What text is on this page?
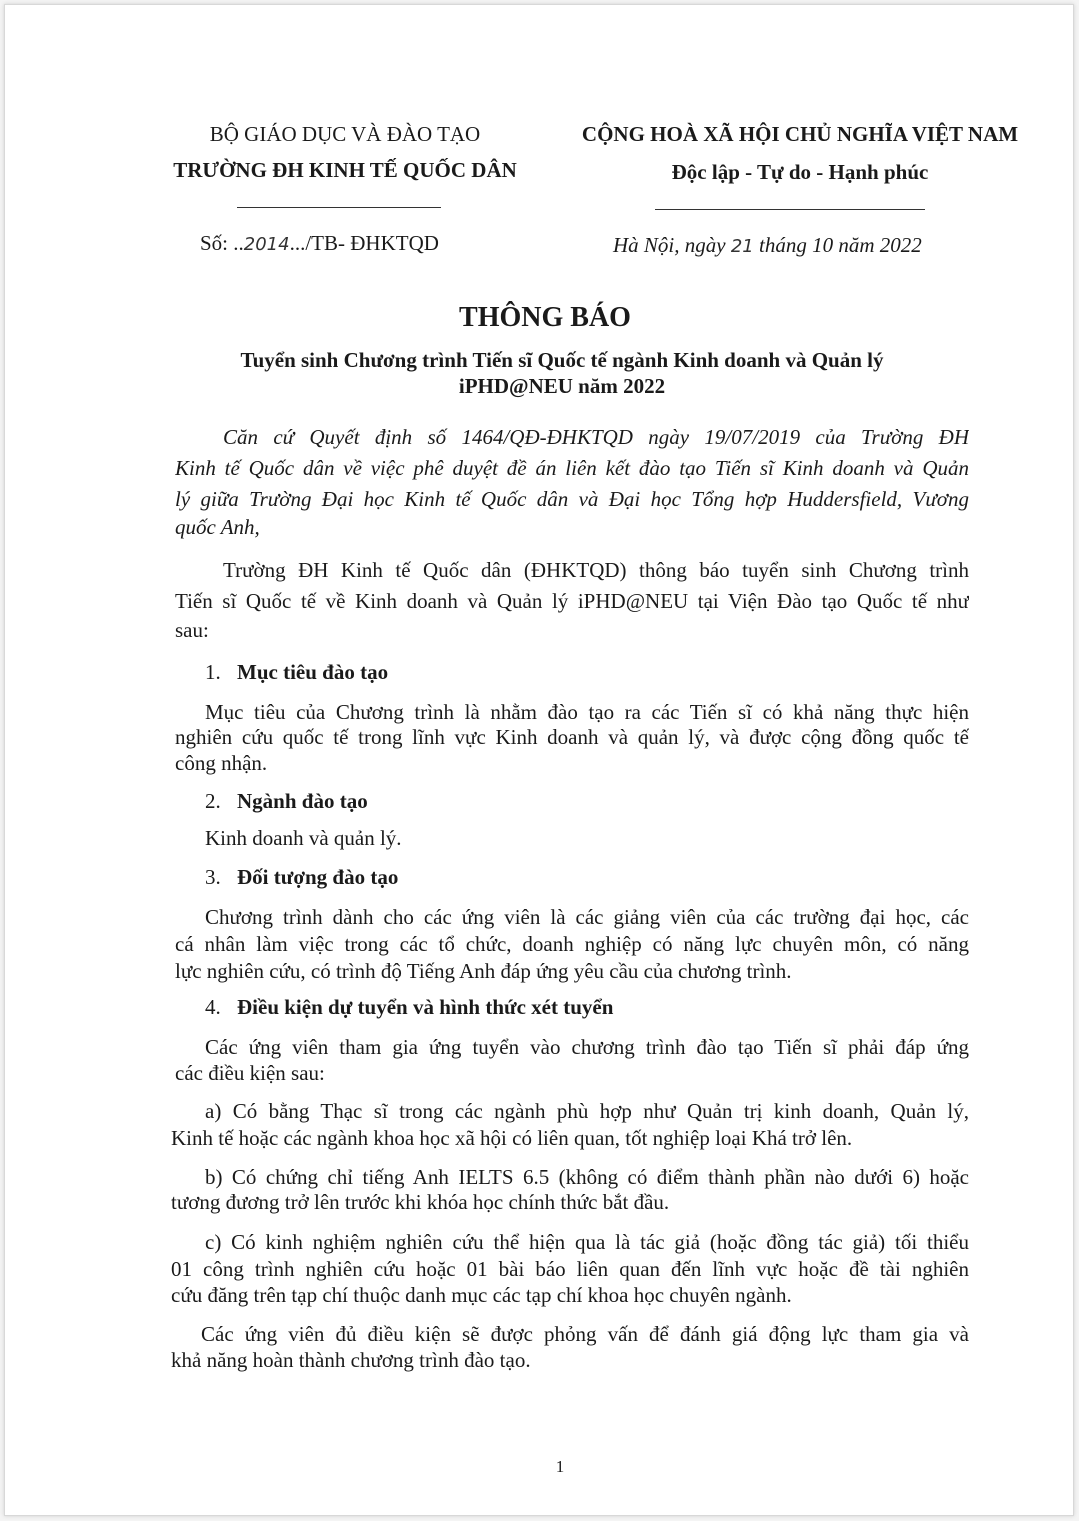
BỘ GIÁO DỤC VÀ ĐÀO TẠO
TRƯỜNG ĐH KINH TẾ QUỐC DÂN
CỘNG HOÀ XÃ HỘI CHỦ NGHĨA VIỆT NAM
Độc lập - Tự do - Hạnh phúc
Số: ..2014.../TB- ĐHKTQD	Hà Nội, ngày 21 tháng 10 năm 2022
THÔNG BÁO
Tuyển sinh Chương trình Tiến sĩ Quốc tế ngành Kinh doanh và Quản lý
iPHD@NEU năm 2022
Căn cứ Quyết định số 1464/QĐ-ĐHKTQD ngày 19/07/2019 của Trường ĐH
Kinh tế Quốc dân về việc phê duyệt đề án liên kết đào tạo Tiến sĩ Kinh doanh và Quản
lý giữa Trường Đại học Kinh tế Quốc dân và Đại học Tổng hợp Huddersfield, Vương
quốc Anh,
Trường ĐH Kinh tế Quốc dân (ĐHKTQD) thông báo tuyển sinh Chương trình
Tiến sĩ Quốc tế về Kinh doanh và Quản lý iPHD@NEU tại Viện Đào tạo Quốc tế như
sau:
1. Mục tiêu đào tạo
Mục tiêu của Chương trình là nhằm đào tạo ra các Tiến sĩ có khả năng thực hiện
nghiên cứu quốc tế trong lĩnh vực Kinh doanh và quản lý, và được cộng đồng quốc tế
công nhận.
2. Ngành đào tạo
Kinh doanh và quản lý.
3. Đối tượng đào tạo
Chương trình dành cho các ứng viên là các giảng viên của các trường đại học, các
cá nhân làm việc trong các tổ chức, doanh nghiệp có năng lực chuyên môn, có năng
lực nghiên cứu, có trình độ Tiếng Anh đáp ứng yêu cầu của chương trình.
4. Điều kiện dự tuyển và hình thức xét tuyển
Các ứng viên tham gia ứng tuyển vào chương trình đào tạo Tiến sĩ phải đáp ứng
các điều kiện sau:
a) Có bằng Thạc sĩ trong các ngành phù hợp như Quản trị kinh doanh, Quản lý,
Kinh tế hoặc các ngành khoa học xã hội có liên quan, tốt nghiệp loại Khá trở lên.
b) Có chứng chỉ tiếng Anh IELTS 6.5 (không có điểm thành phần nào dưới 6) hoặc
tương đương trở lên trước khi khóa học chính thức bắt đầu.
c) Có kinh nghiệm nghiên cứu thể hiện qua là tác giả (hoặc đồng tác giả) tối thiểu
01 công trình nghiên cứu hoặc 01 bài báo liên quan đến lĩnh vực hoặc đề tài nghiên
cứu đăng trên tạp chí thuộc danh mục các tạp chí khoa học chuyên ngành.
Các ứng viên đủ điều kiện sẽ được phỏng vấn để đánh giá động lực tham gia và
khả năng hoàn thành chương trình đào tạo.
1
